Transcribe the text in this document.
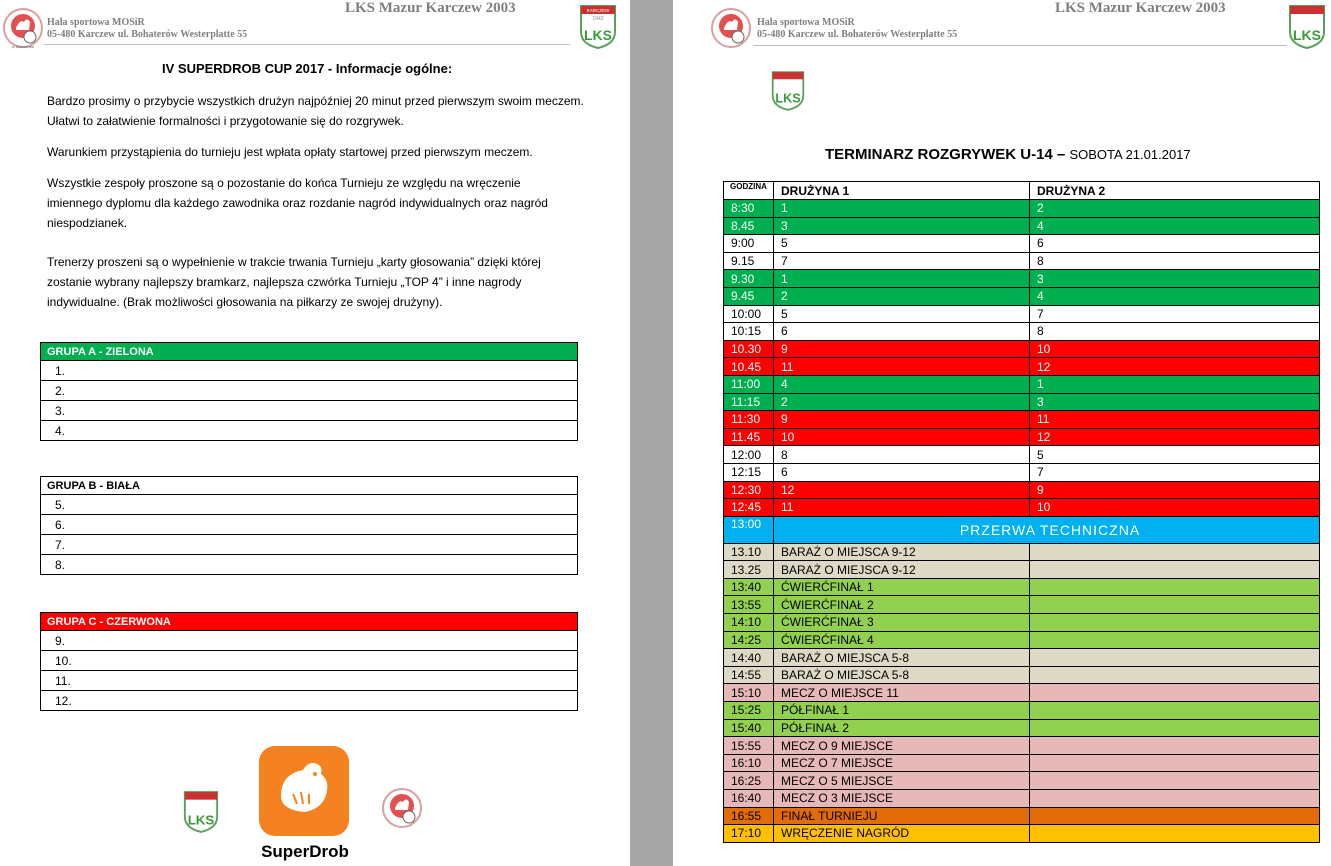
w Karczewie
Hala sportowa MOSiR
05-480 Karczew ul. Bohaterów Westerplatte 55
LKS Mazur Karczew 2003	KARCZEW
1942
LKS
IV SUPERDROB CUP 2017 - Informacje ogólne:

Bardzo prosimy o przybycie wszystkich drużyn najpóźniej 20 minut przed pierwszym swoim meczem. Ułatwi to załatwienie formalności i przygotowanie się do rozgrywek.

Warunkiem przystąpienia do turnieju jest wpłata opłaty startowej przed pierwszym meczem.

Wszystkie zespoły proszone są o pozostanie do końca Turnieju ze względu na wręczenie imiennego dyplomu dla każdego zawodnika oraz rozdanie nagród indywidualnych oraz nagród niespodzianek.

Trenerzy proszeni są o wypełnienie w trakcie trwania Turnieju „karty głosowania” dzięki której zostanie wybrany najlepszy bramkarz, najlepsza czwórka Turnieju „TOP 4” i inne nagrody indywidualne. (Brak możliwości głosowania na piłkarzy ze swojej drużyny).

GRUPA A - ZIELONA
1.
2.
3.
4.
GRUPA B - BIAŁA
5.
6.
7.
8.
GRUPA C - CZERWONA
9.
10.
11.
12.
LKS
SuperDrob
Hala sportowa MOSiR
05-480 Karczew ul. Bohaterów Westerplatte 55
LKS Mazur Karczew 2003
LKS
LKS
TERMINARZ ROZGRYWEK U-14 – SOBOTA 21.01.2017
GODZINA	DRUŻYNA 1	DRUŻYNA 2
8:30	1	2
8.45	3	4
9:00	5	6
9.15	7	8
9.30	1	3
9.45	2	4
10:00	5	7
10:15	6	8
10.30	9	10
10.45	11	12
11:00	4	1
11:15	2	3
11:30	9	11
11.45	10	12
12:00	8	5
12:15	6	7
12:30	12	9
12:45	11	10
13:00	PRZERWA TECHNICZNA	
13.10	BARAŻ O MIEJSCA 9-12	
13.25	BARAŻ O MIEJSCA 9-12	
13:40	ĆWIERĆFINAŁ 1	
13:55	ĆWIERĆFINAŁ 2	
14:10	ĆWIERĆFINAŁ 3	
14:25	ĆWIERĆFINAŁ 4	
14:40	BARAŻ O MIEJSCA 5-8	
14:55	BARAŻ O MIEJSCA 5-8	
15:10	MECZ O MIEJSCE 11	
15:25	PÓŁFINAŁ 1	
15:40	PÓŁFINAŁ 2	
15:55	MECZ O 9 MIEJSCE	
16:10	MECZ O 7 MIEJSCE	
16:25	MECZ O 5 MIEJSCE	
16:40	MECZ O 3 MIEJSCE	
16:55	FINAŁ TURNIEJU	
17:10	WRĘCZENIE NAGRÓD	
